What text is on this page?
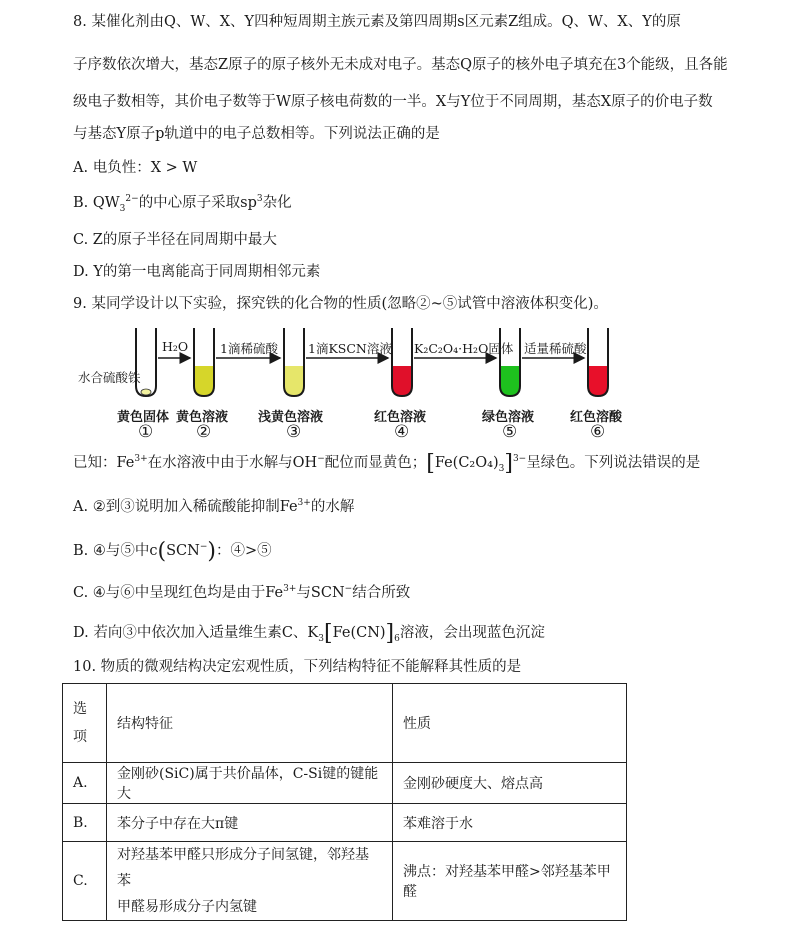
8. 某催化剂由Q、W、X、Y四种短周期主族元素及第四周期s区元素Z组成。Q、W、X、Y的原
子序数依次增大，基态Z原子的原子核外无未成对电子。基态Q原子的核外电子填充在3个能级，且各能
级电子数相等，其价电子数等于W原子核电荷数的一半。X与Y位于不同周期，基态X原子的价电子数
与基态Y原子p轨道中的电子总数相等。下列说法正确的是
A. 电负性：X > W
B. $QW_3^{2-}$的中心原子采取$sp^3$杂化
C. Z的原子半径在同周期中最大
D. Y的第一电离能高于同周期相邻元素
9. 某同学设计以下实验，探究铁的化合物的性质(忽略②~⑤试管中溶液体积变化)。
H₂O	1滴稀硫酸 1滴KSCN溶液 K₂C₂O₄·H₂O固体 适量稀硫酸
水合硫酸铁
黄色固体 黄色溶液 浅黄色溶液	红色溶液	绿色溶液	红色溶酸
①	②	③	④	⑤	⑥
已知：$Fe^{3+}$在水溶液中由于水解与OH−配位而显黄色；$[Fe(C_2O_4)_3]^{3-}$呈绿色。下列说法错误的是
A. ②到③说明加入稀硫酸能抑制$Fe^{3+}$的水解
B. ④与⑤中c(SCN−)：④>⑤
C. ④与⑥中呈现红色均是由于$Fe^{3+}$与SCN−结合所致
D. 若向③中依次加入适量维生素C、$K_3[Fe(CN)]_6$溶液，会出现蓝色沉淀
10. 物质的微观结构决定宏观性质，下列结构特征不能解释其性质的是
选
项	结构特征	性质
A.	金刚砂(SiC)属于共价晶体，C-Si键的键能大	金刚砂硬度大、熔点高
B.	苯分子中存在大π键	苯难溶于水
C.	对羟基苯甲醛只形成分子间氢键，邻羟基苯
甲醛易形成分子内氢键	沸点：对羟基苯甲醛>邻羟基苯甲醛
